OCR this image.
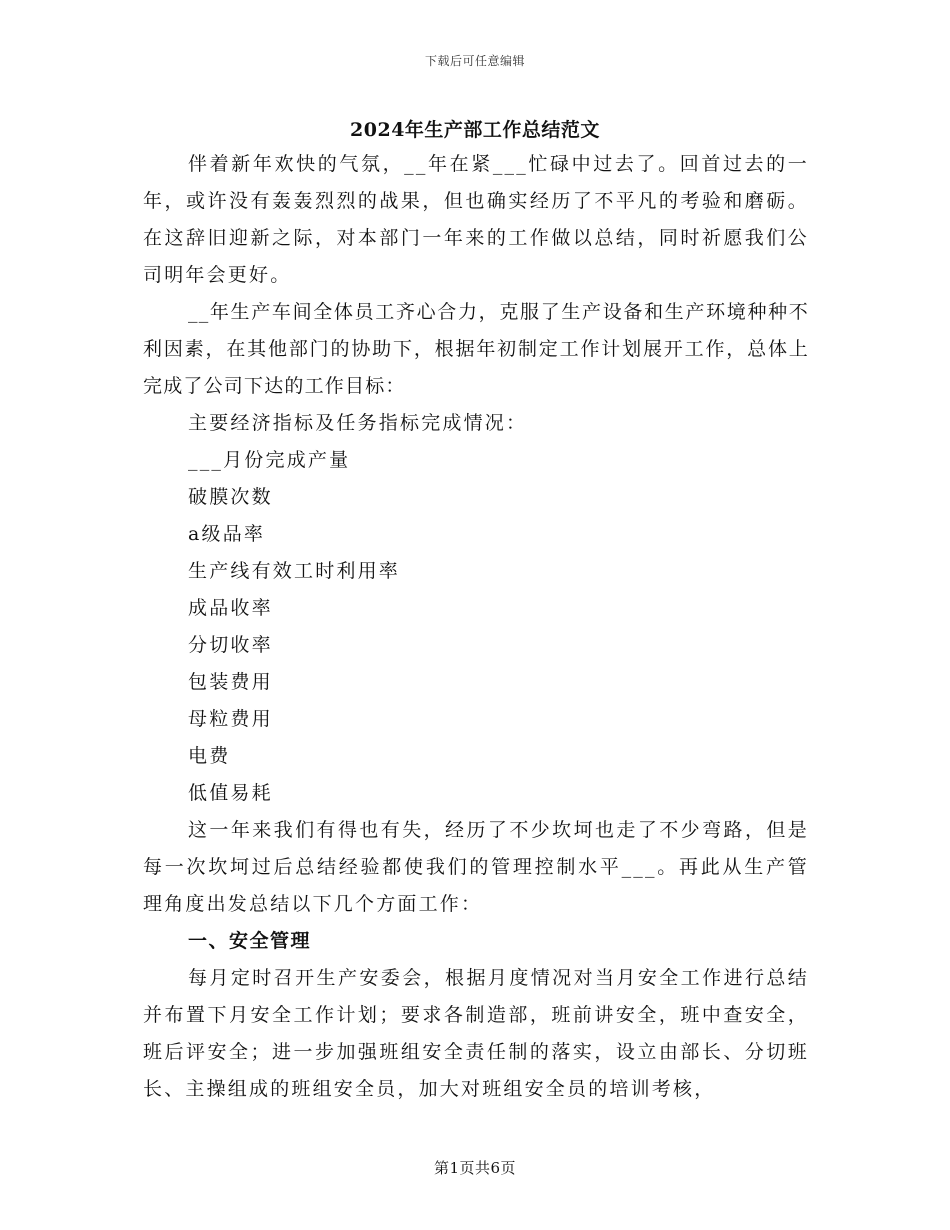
下载后可任意编辑
2024年生产部工作总结范文

伴着新年欢快的气氛，__年在紧___忙碌中过去了。回首过去的一年，或许没有轰轰烈烈的战果，但也确实经历了不平凡的考验和磨砺。在这辞旧迎新之际，对本部门一年来的工作做以总结，同时祈愿我们公司明年会更好。

__年生产车间全体员工齐心合力，克服了生产设备和生产环境种种不利因素，在其他部门的协助下，根据年初制定工作计划展开工作，总体上完成了公司下达的工作目标：

主要经济指标及任务指标完成情况：

___月份完成产量

破膜次数

a级品率

生产线有效工时利用率

成品收率

分切收率

包装费用

母粒费用

电费

低值易耗

这一年来我们有得也有失，经历了不少坎坷也走了不少弯路，但是每一次坎坷过后总结经验都使我们的管理控制水平___。再此从生产管理角度出发总结以下几个方面工作：

一、安全管理

每月定时召开生产安委会，根据月度情况对当月安全工作进行总结并布置下月安全工作计划；要求各制造部，班前讲安全，班中查安全，班后评安全；进一步加强班组安全责任制的落实，设立由部长、分切班长、主操组成的班组安全员，加大对班组安全员的培训考核，

第1页共6页
